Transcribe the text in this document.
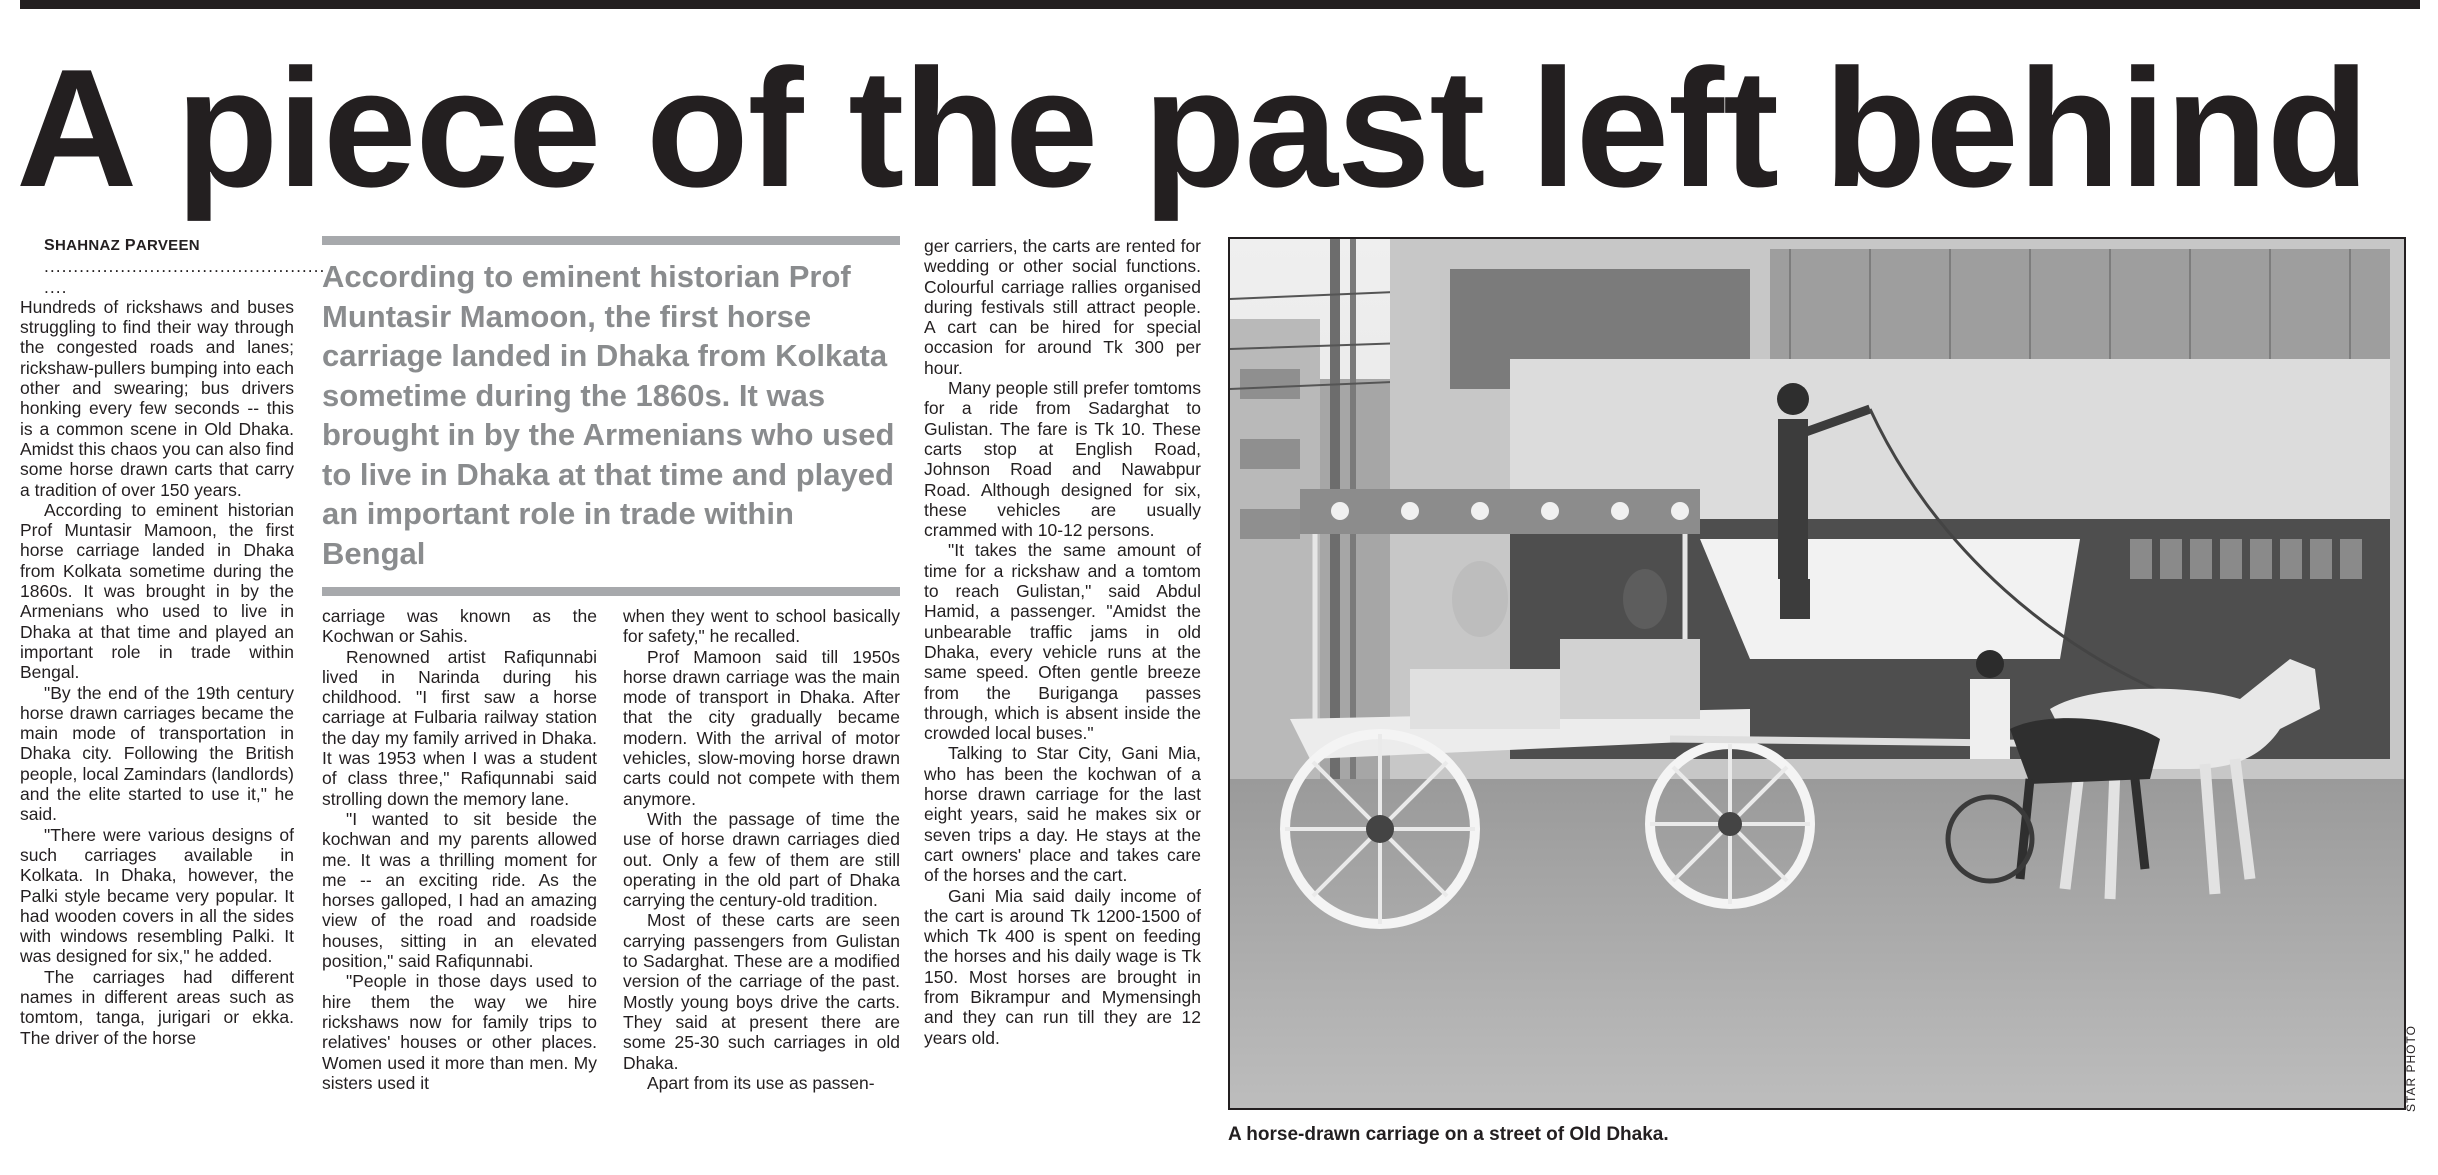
A piece of the past left behind

SHAHNAZ PARVEEN

................................................

....

Hundreds of rickshaws and buses struggling to find their way through the congested roads and lanes; rickshaw-pullers bumping into each other and swearing; bus drivers honking every few seconds -- this is a common scene in Old Dhaka. Amidst this chaos you can also find some horse drawn carts that carry a tradition of over 150 years.

According to eminent historian Prof Muntasir Mamoon, the first horse carriage landed in Dhaka from Kolkata sometime during the 1860s. It was brought in by the Armenians who used to live in Dhaka at that time and played an important role in trade within Bengal.

"By the end of the 19th century horse drawn carriages became the main mode of transportation in Dhaka city. Following the British people, local Zamindars (landlords) and the elite started to use it," he said.

"There were various designs of such carriages available in Kolkata. In Dhaka, however, the Palki style became very popular. It had wooden covers in all the sides with windows resembling Palki. It was designed for six," he added.

The carriages had different names in different areas such as tomtom, tanga, jurigari or ekka. The driver of the horse

According to eminent historian Prof Muntasir Mamoon, the first horse carriage landed in Dhaka from Kolkata sometime during the 1860s. It was brought in by the Armenians who used to live in Dhaka at that time and played an important role in trade within Bengal

carriage was known as the Kochwan or Sahis.

Renowned artist Rafiqunnabi lived in Narinda during his childhood. "I first saw a horse carriage at Fulbaria railway station the day my family arrived in Dhaka. It was 1953 when I was a student of class three," Rafiqunnabi said strolling down the memory lane.

"I wanted to sit beside the kochwan and my parents allowed me. It was a thrilling moment for me -- an exciting ride. As the horses galloped, I had an amazing view of the road and roadside houses, sitting in an elevated position," said Rafiqunnabi.

"People in those days used to hire them the way we hire rickshaws now for family trips to relatives' houses or other places. Women used it more than men. My sisters used it

when they went to school basically for safety," he recalled.

Prof Mamoon said till 1950s horse drawn carriage was the main mode of transport in Dhaka. After that the city gradually became modern. With the arrival of motor vehicles, slow-moving horse drawn carts could not compete with them anymore.

With the passage of time the use of horse drawn carriages died out. Only a few of them are still operating in the old part of Dhaka carrying the century-old tradition.

Most of these carts are seen carrying passengers from Gulistan to Sadarghat. These are a modified version of the carriage of the past. Mostly young boys drive the carts. They said at present there are some 25-30 such carriages in old Dhaka.

Apart from its use as passen-

ger carriers, the carts are rented for wedding or other social functions. Colourful carriage rallies organised during festivals still attract people. A cart can be hired for special occasion for around Tk 300 per hour.

Many people still prefer tomtoms for a ride from Sadarghat to Gulistan. The fare is Tk 10. These carts stop at English Road, Johnson Road and Nawabpur Road. Although designed for six, these vehicles are usually crammed with 10-12 persons.

"It takes the same amount of time for a rickshaw and a tomtom to reach Gulistan," said Abdul Hamid, a passenger. "Amidst the unbearable traffic jams in old Dhaka, every vehicle runs at the same speed. Often gentle breeze from the Buriganga passes through, which is absent inside the crowded local buses."

Talking to Star City, Gani Mia, who has been the kochwan of a horse drawn carriage for the last eight years, said he makes six or seven trips a day. He stays at the cart owners' place and takes care of the horses and the cart.

Gani Mia said daily income of the cart is around Tk 1200-1500 of which Tk 400 is spent on feeding the horses and his daily wage is Tk 150. Most horses are brought in from Bikrampur and Mymensingh and they can run till they are 12 years old.	STAR PHOTO

A horse-drawn carriage on a street of Old Dhaka.
